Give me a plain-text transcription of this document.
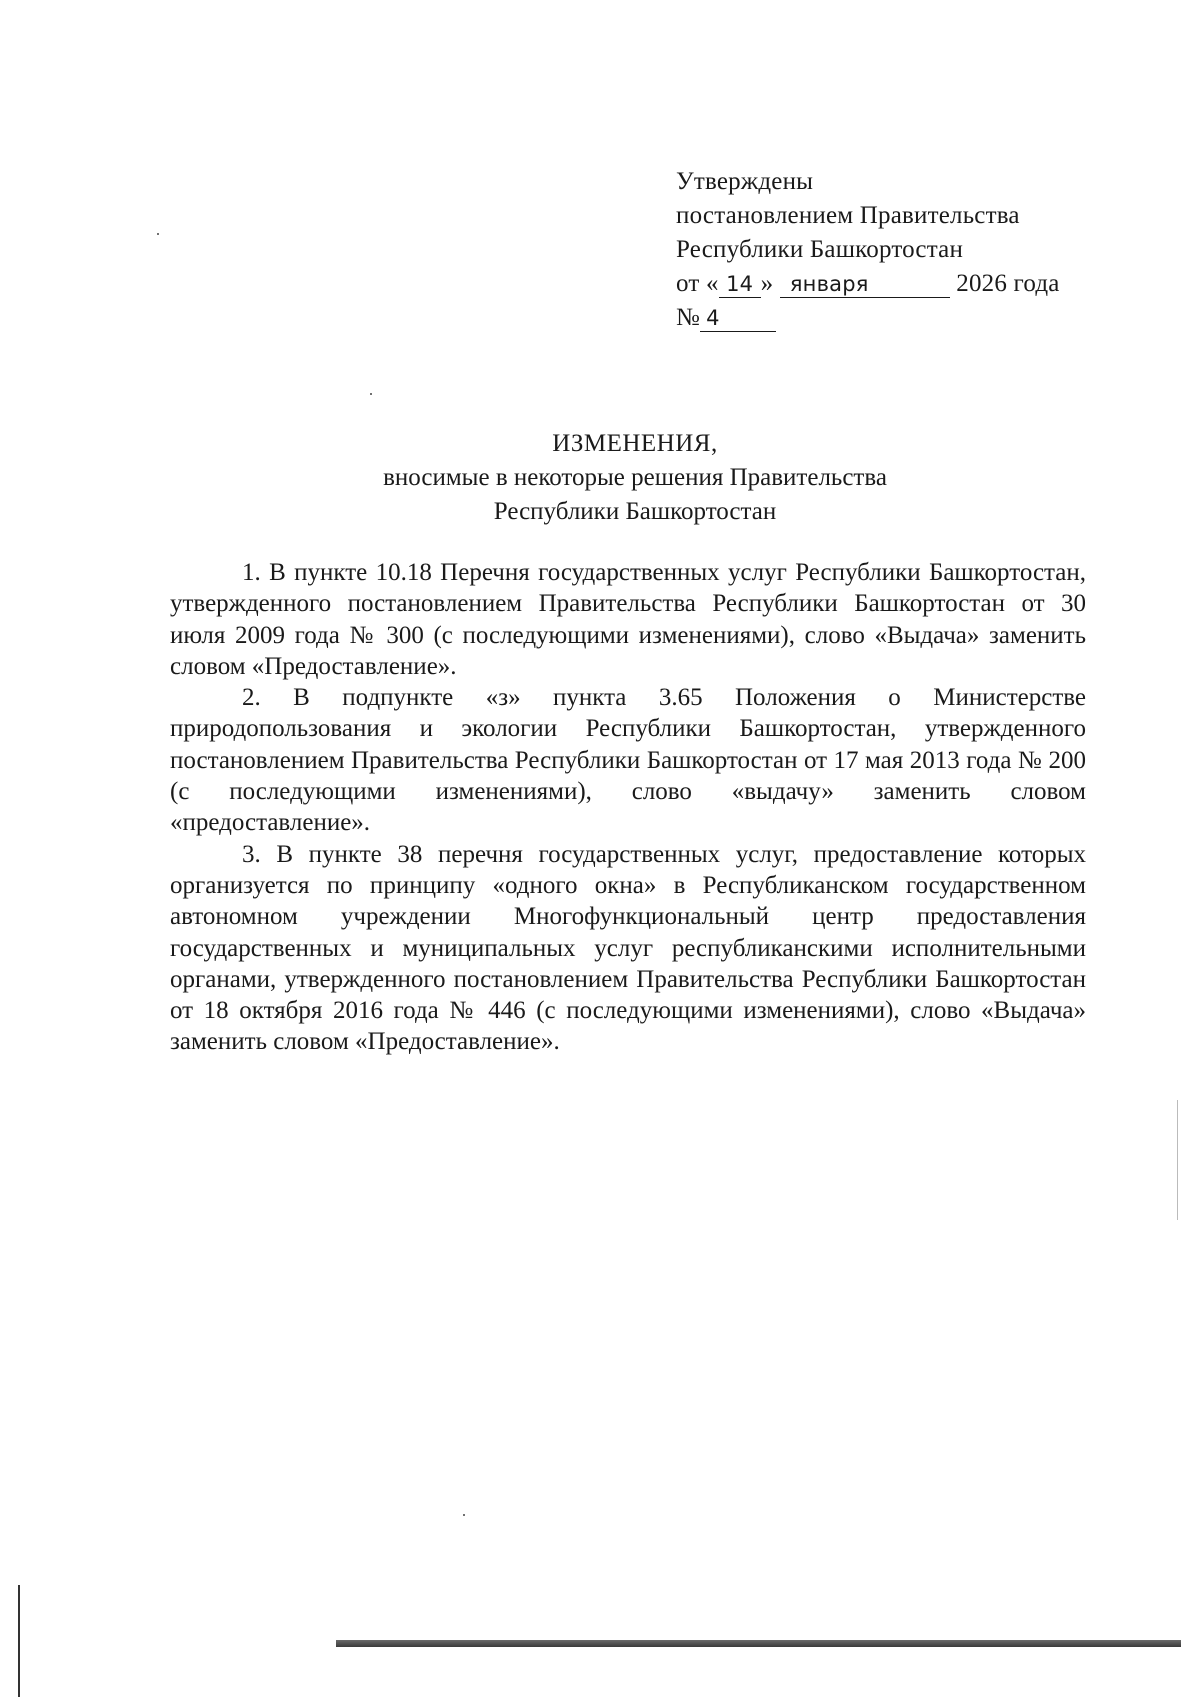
Утверждены
постановлением Правительства
Республики Башкортостан
от « 14 » января	2026 года
№ 4
ИЗМЕНЕНИЯ,
вносимые в некоторые решения Правительства
Республики Башкортостан

1. В пункте 10.18 Перечня государственных услуг Республики Башкортостан, утвержденного постановлением Правительства Республики Башкортостан от 30 июля 2009 года № 300 (с последующими изменениями), слово «Выдача» заменить словом «Предоставление».

2. В подпункте «з» пункта 3.65 Положения о Министерстве природопользования и экологии Республики Башкортостан, утвержденного постановлением Правительства Республики Башкортостан от 17 мая 2013 года № 200 (с последующими изменениями), слово «выдачу» заменить словом «предоставление».

3. В пункте 38 перечня государственных услуг, предоставление которых организуется по принципу «одного окна» в Республиканском государственном автономном учреждении Многофункциональный центр предоставления государственных и муниципальных услуг республиканскими исполнительными органами, утвержденного постановлением Правительства Республики Башкортостан от 18 октября 2016 года № 446 (с последующими изменениями), слово «Выдача» заменить словом «Предоставление».
